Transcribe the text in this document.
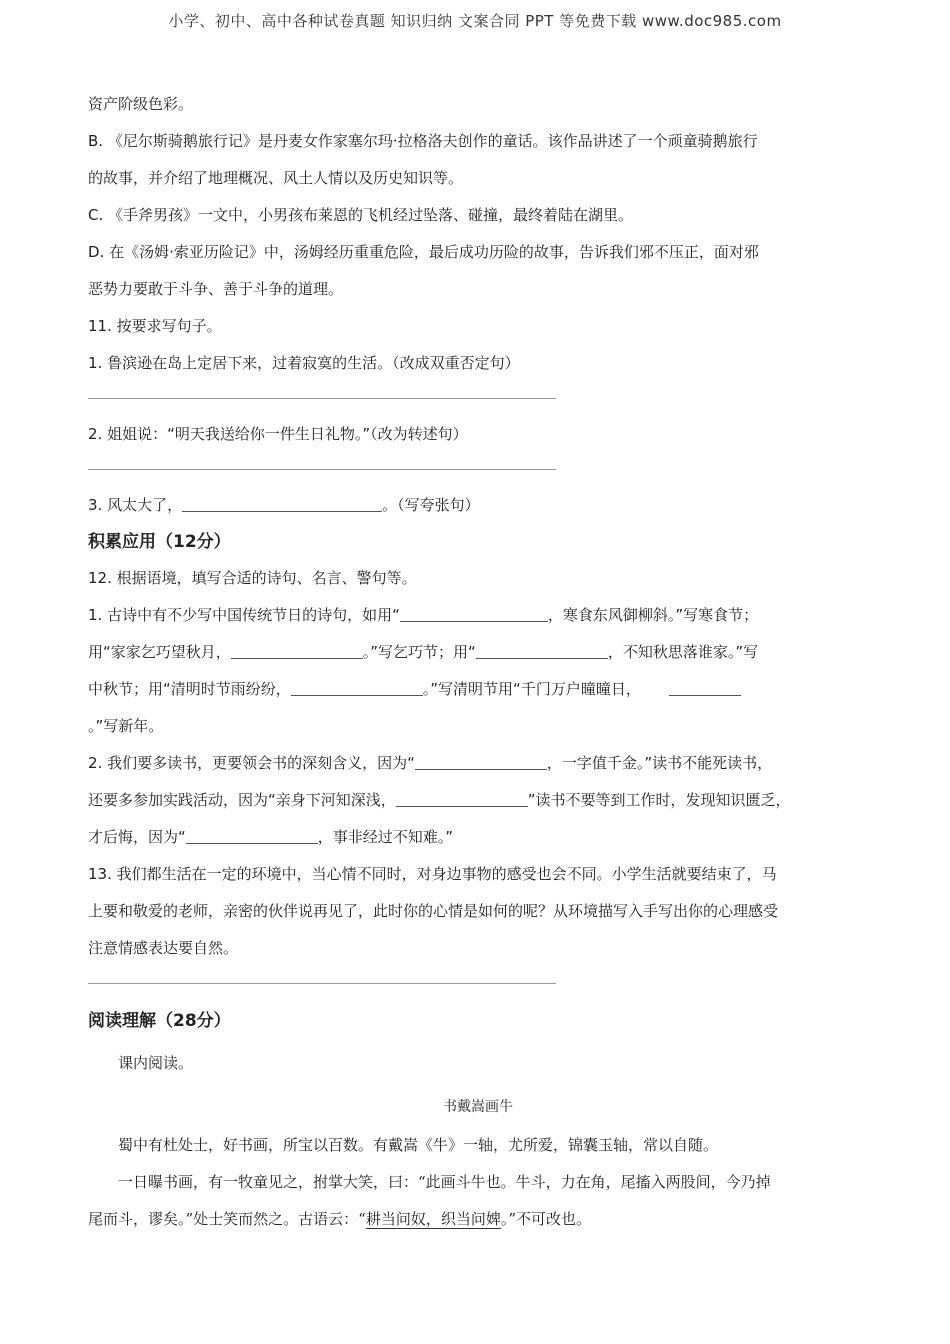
小学、初中、高中各种试卷真题 知识归纳 文案合同 PPT 等免费下载 www.doc985.com
资产阶级色彩。
B. 《尼尔斯骑鹅旅行记》是丹麦女作家塞尔玛·拉格洛夫创作的童话。该作品讲述了一个顽童骑鹅旅行
的故事，并介绍了地理概况、风土人情以及历史知识等。
C. 《手斧男孩》一文中，小男孩布莱恩的飞机经过坠落、碰撞，最终着陆在湖里。
D. 在《汤姆·索亚历险记》中，汤姆经历重重危险，最后成功历险的故事，告诉我们邪不压正，面对邪
恶势力要敢于斗争、善于斗争的道理。
11. 按要求写句子。
1. 鲁滨逊在岛上定居下来，过着寂寞的生活。（改成双重否定句）
2. 姐姐说：“明天我送给你一件生日礼物。”（改为转述句）
3. 风太大了，	。（写夸张句）
积累应用（12分）
12. 根据语境，填写合适的诗句、名言、警句等。
1. 古诗中有不少写中国传统节日的诗句，如用“	，寒食东风御柳斜。”写寒食节；
用“家家乞巧望秋月，	。”写乞巧节；用“	，不知秋思落谁家。”写
中秋节；用“清明时节雨纷纷，	。”写清明节用“千门万户曈曈日，
。”写新年。
2. 我们要多读书，更要领会书的深刻含义，因为“	，一字值千金。”读书不能死读书，
还要多参加实践活动，因为“亲身下河知深浅，	”读书不要等到工作时，发现知识匮乏，
才后悔，因为“	，事非经过不知难。”
13. 我们都生活在一定的环境中，当心情不同时，对身边事物的感受也会不同。小学生活就要结束了，马
上要和敬爱的老师，亲密的伙伴说再见了，此时你的心情是如何的呢？从环境描写入手写出你的心理感受
注意情感表达要自然。
阅读理解（28分）
课内阅读。
书戴嵩画牛
蜀中有杜处士，好书画，所宝以百数。有戴嵩《牛》一轴，尤所爱，锦囊玉轴，常以自随。
一日曝书画，有一牧童见之，拊掌大笑，曰：“此画斗牛也。牛斗，力在角，尾搐入两股间，今乃掉
尾而斗，谬矣。”处士笑而然之。古语云：“耕当问奴，织当问婢。”不可改也。
